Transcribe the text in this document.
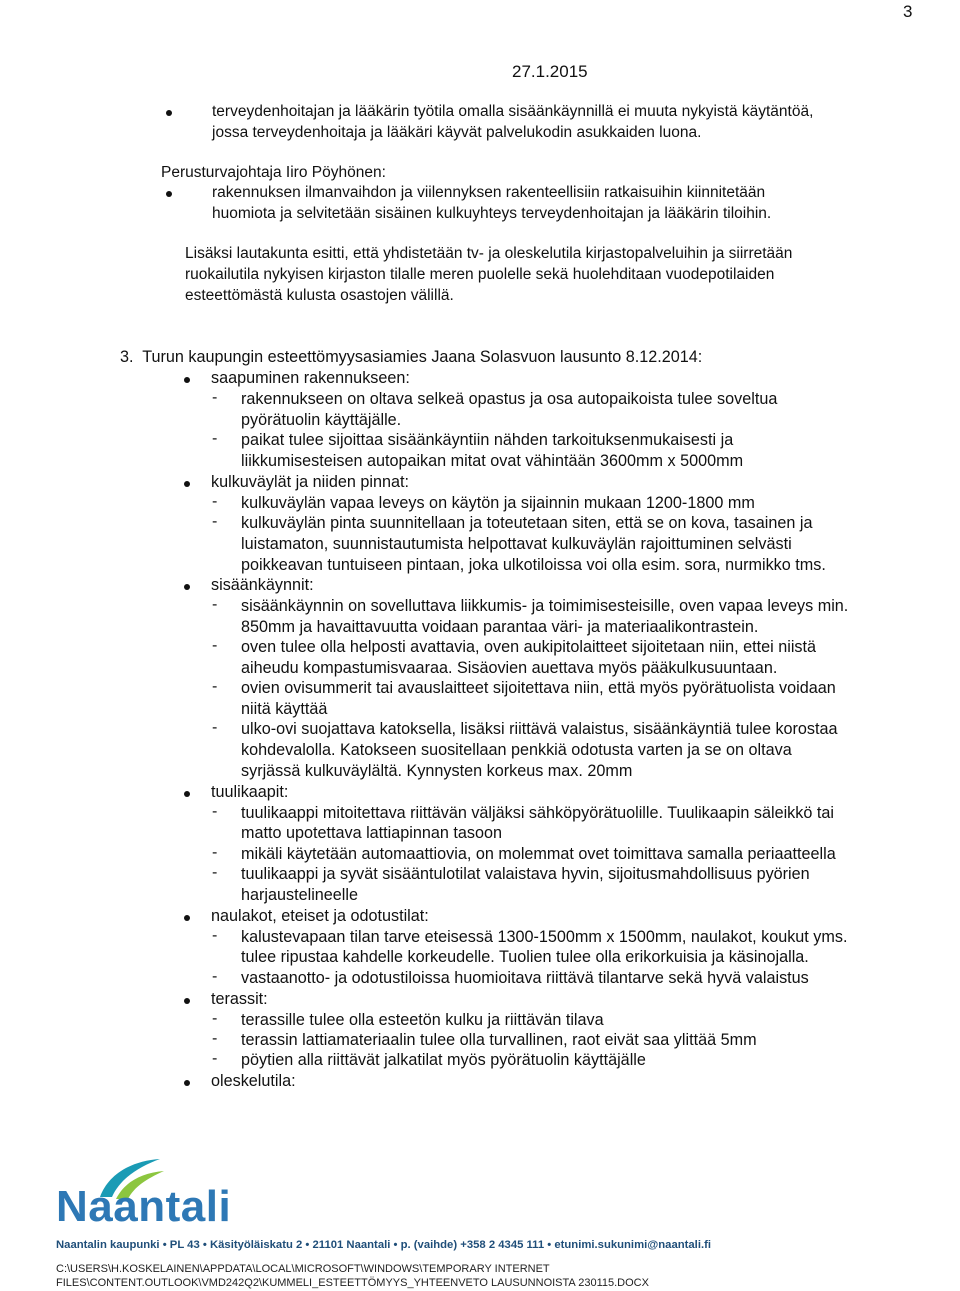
3
27.1.2015
terveydenhoitajan ja lääkärin työtila omalla sisäänkäynnillä ei muuta nykyistä käytäntöä,
jossa terveydenhoitaja ja lääkäri käyvät palvelukodin asukkaiden luona.
Perusturvajohtaja Iiro Pöyhönen:
rakennuksen ilmanvaihdon ja viilennyksen rakenteellisiin ratkaisuihin kiinnitetään
huomiota ja selvitetään sisäinen kulkuyhteys terveydenhoitajan ja lääkärin tiloihin.
Lisäksi lautakunta esitti, että yhdistetään tv- ja oleskelutila kirjastopalveluihin ja siirretään
ruokailutila nykyisen kirjaston tilalle meren puolelle sekä huolehditaan vuodepotilaiden
esteettömästä kulusta osastojen välillä.
3.  Turun kaupungin esteettömyysasiamies Jaana Solasvuon lausunto 8.12.2014:
saapuminen rakennukseen:
- rakennukseen on oltava selkeä opastus ja osa autopaikoista tulee soveltua
pyörätuolin käyttäjälle.
- paikat tulee sijoittaa sisäänkäyntiin nähden tarkoituksenmukaisesti ja
liikkumisesteisen autopaikan mitat ovat vähintään 3600mm x 5000mm
kulkuväylät ja niiden pinnat:
- kulkuväylän vapaa leveys on käytön ja sijainnin mukaan 1200-1800 mm
- kulkuväylän pinta suunnitellaan ja toteutetaan siten, että se on kova, tasainen ja
luistamaton, suunnistautumista helpottavat kulkuväylän rajoittuminen selvästi
poikkeavan tuntuiseen pintaan, joka ulkotiloissa voi olla esim. sora, nurmikko tms.
sisäänkäynnit:
- sisäänkäynnin on sovelluttava liikkumis- ja toimimisesteisille, oven vapaa leveys min.
850mm ja havaittavuutta voidaan parantaa väri- ja materiaalikontrastein.
- oven tulee olla helposti avattavia, oven aukipitolaitteet sijoitetaan niin, ettei niistä
aiheudu kompastumisvaaraa. Sisäovien auettava myös pääkulkusuuntaan.
- ovien ovisummerit tai avauslaitteet sijoitettava niin, että myös pyörätuolista voidaan
niitä käyttää
- ulko-ovi suojattava katoksella, lisäksi riittävä valaistus, sisäänkäyntiä tulee korostaa
kohdevalolla. Katokseen suositellaan penkkiä odotusta varten ja se on oltava
syrjässä kulkuväylältä. Kynnysten korkeus max. 20mm
tuulikaapit:
- tuulikaappi mitoitettava riittävän väljäksi sähköpyörätuolille. Tuulikaapin säleikkö tai
matto upotettava lattiapinnan tasoon
- mikäli käytetään automaattiovia, on molemmat ovet toimittava samalla periaatteella
- tuulikaappi ja syvät sisääntulotilat valaistava hyvin, sijoitusmahdollisuus pyörien
harjaustelineelle
naulakot, eteiset ja odotustilat:
- kalustevapaan tilan tarve eteisessä 1300-1500mm x 1500mm, naulakot, koukut yms.
tulee ripustaa kahdelle korkeudelle. Tuolien tulee olla erikorkuisia ja käsinojalla.
- vastaanotto- ja odotustiloissa huomioitava riittävä tilantarve sekä hyvä valaistus
terassit:
- terassille tulee olla esteetön kulku ja riittävän tilava
- terassin lattiamateriaalin tulee olla turvallinen, raot eivät saa ylittää 5mm
- pöytien alla riittävät jalkatilat myös pyörätuolin käyttäjälle
oleskelutila:
Naantali
Naantalin kaupunki • PL 43 • Käsityöläiskatu 2 • 21101 Naantali • p. (vaihde) +358 2 4345 111 • etunimi.sukunimi@naantali.fi
C:\USERS\H.KOSKELAINEN\APPDATA\LOCAL\MICROSOFT\WINDOWS\TEMPORARY INTERNET
FILES\CONTENT.OUTLOOK\VMD242Q2\KUMMELI_ESTEETTÖMYYS_YHTEENVETO LAUSUNNOISTA 230115.DOCX
